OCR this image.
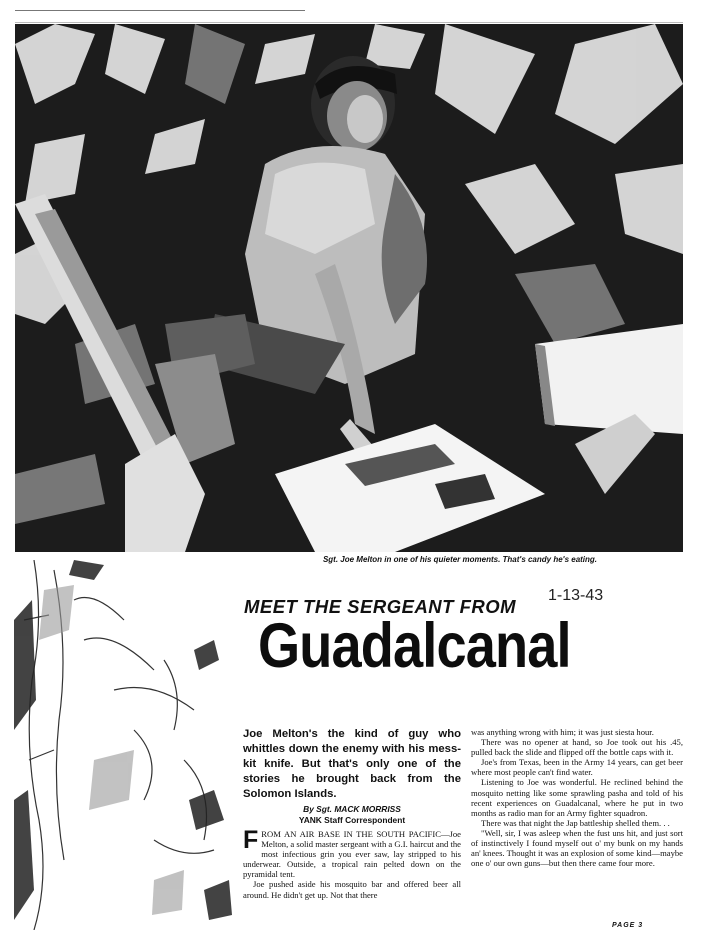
Sgt. Joe Melton in one of his quieter moments. That's candy he's eating.
MEET THE SERGEANT FROM
1-13-43
Guadalcanal
Joe Melton's the kind of guy who whittles down the enemy with his mess-kit knife. But that's only one of the stories he brought back from the Solomon Islands.
By Sgt. MACK MORRISS
YANK Staff Correspondent

FROM AN AIR BASE IN THE SOUTH PACIFIC—Joe Melton, a solid master sergeant with a G.I. haircut and the most infectious grin you ever saw, lay stripped to his underwear. Outside, a tropical rain pelted down on the pyramidal tent.

Joe pushed aside his mosquito bar and offered beer all around. He didn't get up. Not that there

was anything wrong with him; it was just siesta hour.

There was no opener at hand, so Joe took out his .45, pulled back the slide and flipped off the bottle caps with it.

Joe's from Texas, been in the Army 14 years, can get beer where most people can't find water.

Listening to Joe was wonderful. He reclined behind the mosquito netting like some sprawling pasha and told of his recent experiences on Guadalcanal, where he put in two months as radio man for an Army fighter squadron.

There was that night the Jap battleship shelled them. . .

"Well, sir, I was asleep when the fust uns hit, and just sort of instinctively I found myself out o' my bunk on my hands an' knees. Thought it was an explosion of some kind—maybe one o' our own guns—but then there came four more.

PAGE 3
